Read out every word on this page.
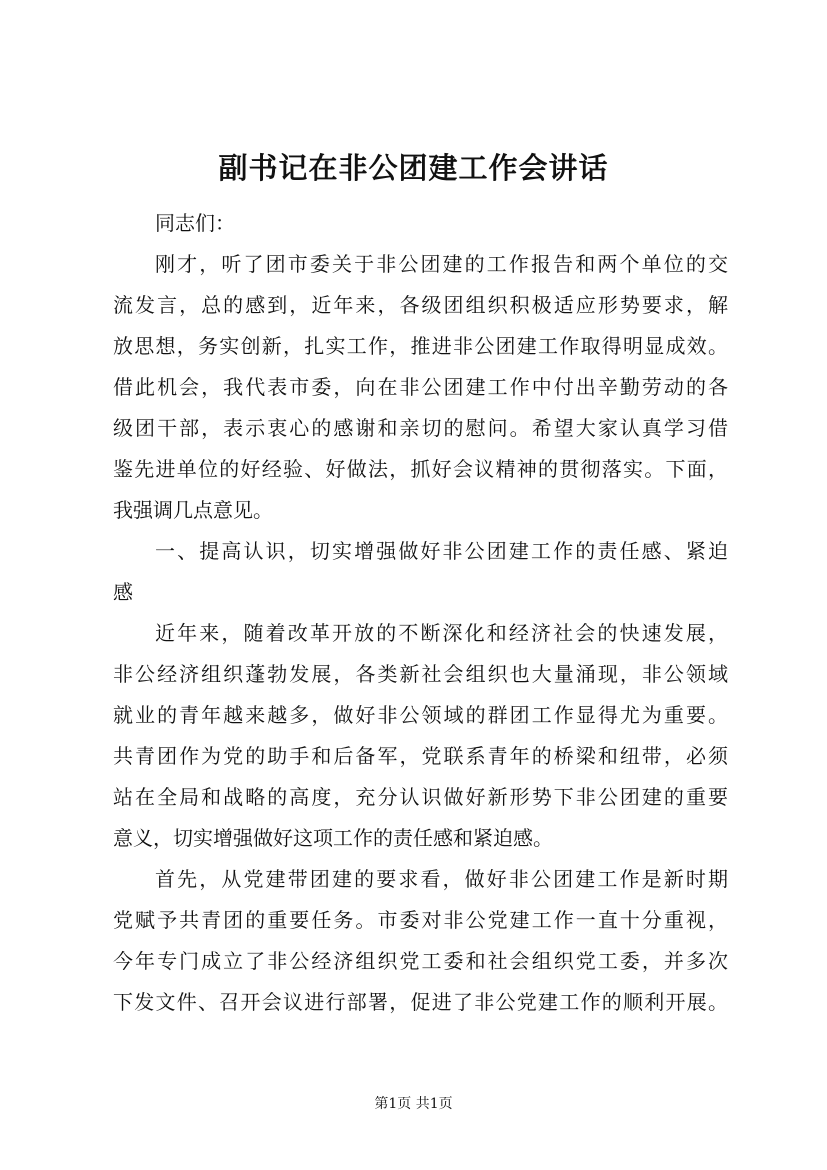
副书记在非公团建工作会讲话
同志们：
刚才，听了团市委关于非公团建的工作报告和两个单位的交
流发言，总的感到，近年来，各级团组织积极适应形势要求，解
放思想，务实创新，扎实工作，推进非公团建工作取得明显成效。
借此机会，我代表市委，向在非公团建工作中付出辛勤劳动的各
级团干部，表示衷心的感谢和亲切的慰问。希望大家认真学习借
鉴先进单位的好经验、好做法，抓好会议精神的贯彻落实。下面，
我强调几点意见。
一、提高认识，切实增强做好非公团建工作的责任感、紧迫
感
近年来，随着改革开放的不断深化和经济社会的快速发展，
非公经济组织蓬勃发展，各类新社会组织也大量涌现，非公领域
就业的青年越来越多，做好非公领域的群团工作显得尤为重要。
共青团作为党的助手和后备军，党联系青年的桥梁和纽带，必须
站在全局和战略的高度，充分认识做好新形势下非公团建的重要
意义，切实增强做好这项工作的责任感和紧迫感。
首先，从党建带团建的要求看，做好非公团建工作是新时期
党赋予共青团的重要任务。市委对非公党建工作一直十分重视，
今年专门成立了非公经济组织党工委和社会组织党工委，并多次
下发文件、召开会议进行部署，促进了非公党建工作的顺利开展。
第1页 共1页
